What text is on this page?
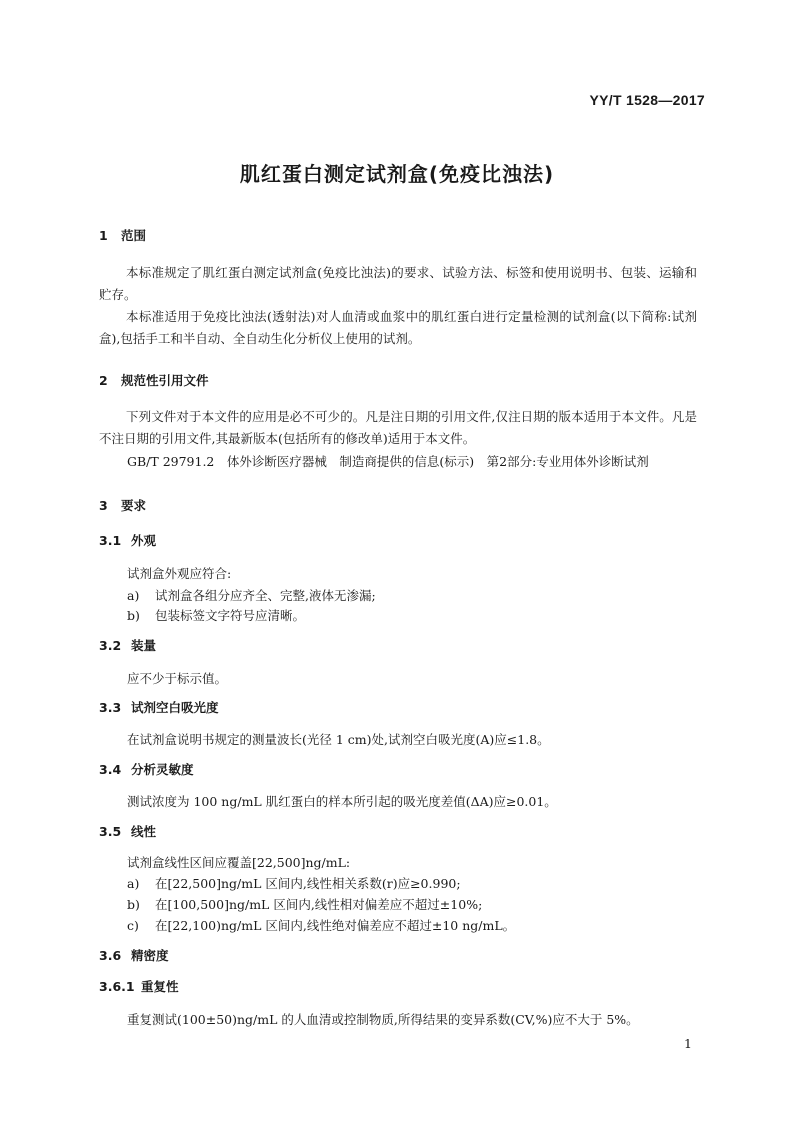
YY/T 1528—2017
肌红蛋白测定试剂盒(免疫比浊法)
1 范围
本标准规定了肌红蛋白测定试剂盒(免疫比浊法)的要求、试验方法、标签和使用说明书、包装、运输和贮存。
本标准适用于免疫比浊法(透射法)对人血清或血浆中的肌红蛋白进行定量检测的试剂盒(以下简称:试剂盒),包括手工和半自动、全自动生化分析仪上使用的试剂。
2 规范性引用文件
下列文件对于本文件的应用是必不可少的。凡是注日期的引用文件,仅注日期的版本适用于本文件。凡是不注日期的引用文件,其最新版本(包括所有的修改单)适用于本文件。
GB/T 29791.2　体外诊断医疗器械　制造商提供的信息(标示)　第2部分:专业用体外诊断试剂
3 要求
3.1 外观
试剂盒外观应符合:
a) 试剂盒各组分应齐全、完整,液体无渗漏;
b) 包装标签文字符号应清晰。
3.2 装量
应不少于标示值。
3.3 试剂空白吸光度
在试剂盒说明书规定的测量波长(光径 1 cm)处,试剂空白吸光度(A)应≤1.8。
3.4 分析灵敏度
测试浓度为 100 ng/mL 肌红蛋白的样本所引起的吸光度差值(ΔA)应≥0.01。
3.5 线性
试剂盒线性区间应覆盖[22,500]ng/mL:
a) 在[22,500]ng/mL 区间内,线性相关系数(r)应≥0.990;
b) 在[100,500]ng/mL 区间内,线性相对偏差应不超过±10%;
c) 在[22,100)ng/mL 区间内,线性绝对偏差应不超过±10 ng/mL。
3.6 精密度
3.6.1 重复性
重复测试(100±50)ng/mL 的人血清或控制物质,所得结果的变异系数(CV,%)应不大于 5%。
1
